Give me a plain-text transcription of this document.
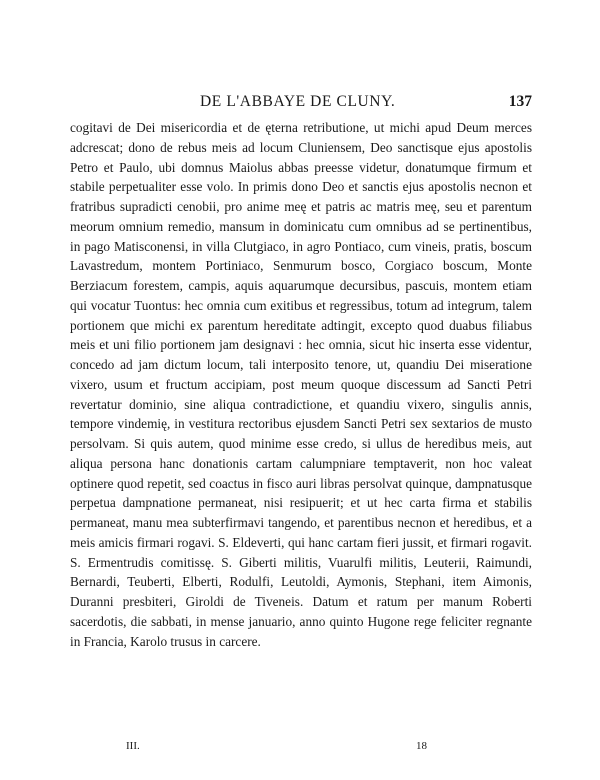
DE L'ABBAYE DE CLUNY.	137

cogitavi de Dei misericordia et de ęterna retributione, ut michi apud Deum merces adcrescat; dono de rebus meis ad locum Cluniensem, Deo sanctisque ejus apostolis Petro et Paulo, ubi domnus Maiolus abbas preesse videtur, donatumque firmum et stabile perpetualiter esse volo. In primis dono Deo et sanctis ejus apostolis necnon et fratribus supradicti cenobii, pro anime meę et patris ac matris meę, seu et parentum meorum omnium remedio, mansum in dominicatu cum omnibus ad se pertinentibus, in pago Matisconensi, in villa Clutgiaco, in agro Pontiaco, cum vineis, pratis, boscum Lavastredum, montem Portiniaco, Senmurum bosco, Corgiaco boscum, Monte Berziacum forestem, campis, aquis aquarumque decursibus, pascuis, montem etiam qui vocatur Tuontus: hec omnia cum exitibus et regressibus, totum ad integrum, talem portionem que michi ex parentum hereditate adtingit, excepto quod duabus filiabus meis et uni filio portionem jam designavi : hec omnia, sicut hic inserta esse videntur, concedo ad jam dictum locum, tali interposito tenore, ut, quandiu Dei miseratione vixero, usum et fructum accipiam, post meum quoque discessum ad Sancti Petri revertatur dominio, sine aliqua contradictione, et quandiu vixero, singulis annis, tempore vindemię, in vestitura rectoribus ejusdem Sancti Petri sex sextarios de musto persolvam. Si quis autem, quod minime esse credo, si ullus de heredibus meis, aut aliqua persona hanc donationis cartam calumpniare temptaverit, non hoc valeat optinere quod repetit, sed coactus in fisco auri libras persolvat quinque, dampnatusque perpetua dampnatione permaneat, nisi resipuerit; et ut hec carta firma et stabilis permaneat, manu mea subterfirmavi tangendo, et parentibus necnon et heredibus, et a meis amicis firmari rogavi. S. Eldeverti, qui hanc cartam fieri jussit, et firmari rogavit. S. Ermentrudis comitissę. S. Giberti militis, Vuarulfi militis, Leuterii, Raimundi, Bernardi, Teuberti, Elberti, Rodulfi, Leutoldi, Aymonis, Stephani, item Aimonis, Duranni presbiteri, Giroldi de Tiveneis. Datum et ratum per manum Roberti sacerdotis, die sabbati, in mense januario, anno quinto Hugone rege feliciter regnante in Francia, Karolo trusus in carcere.

III.	18
